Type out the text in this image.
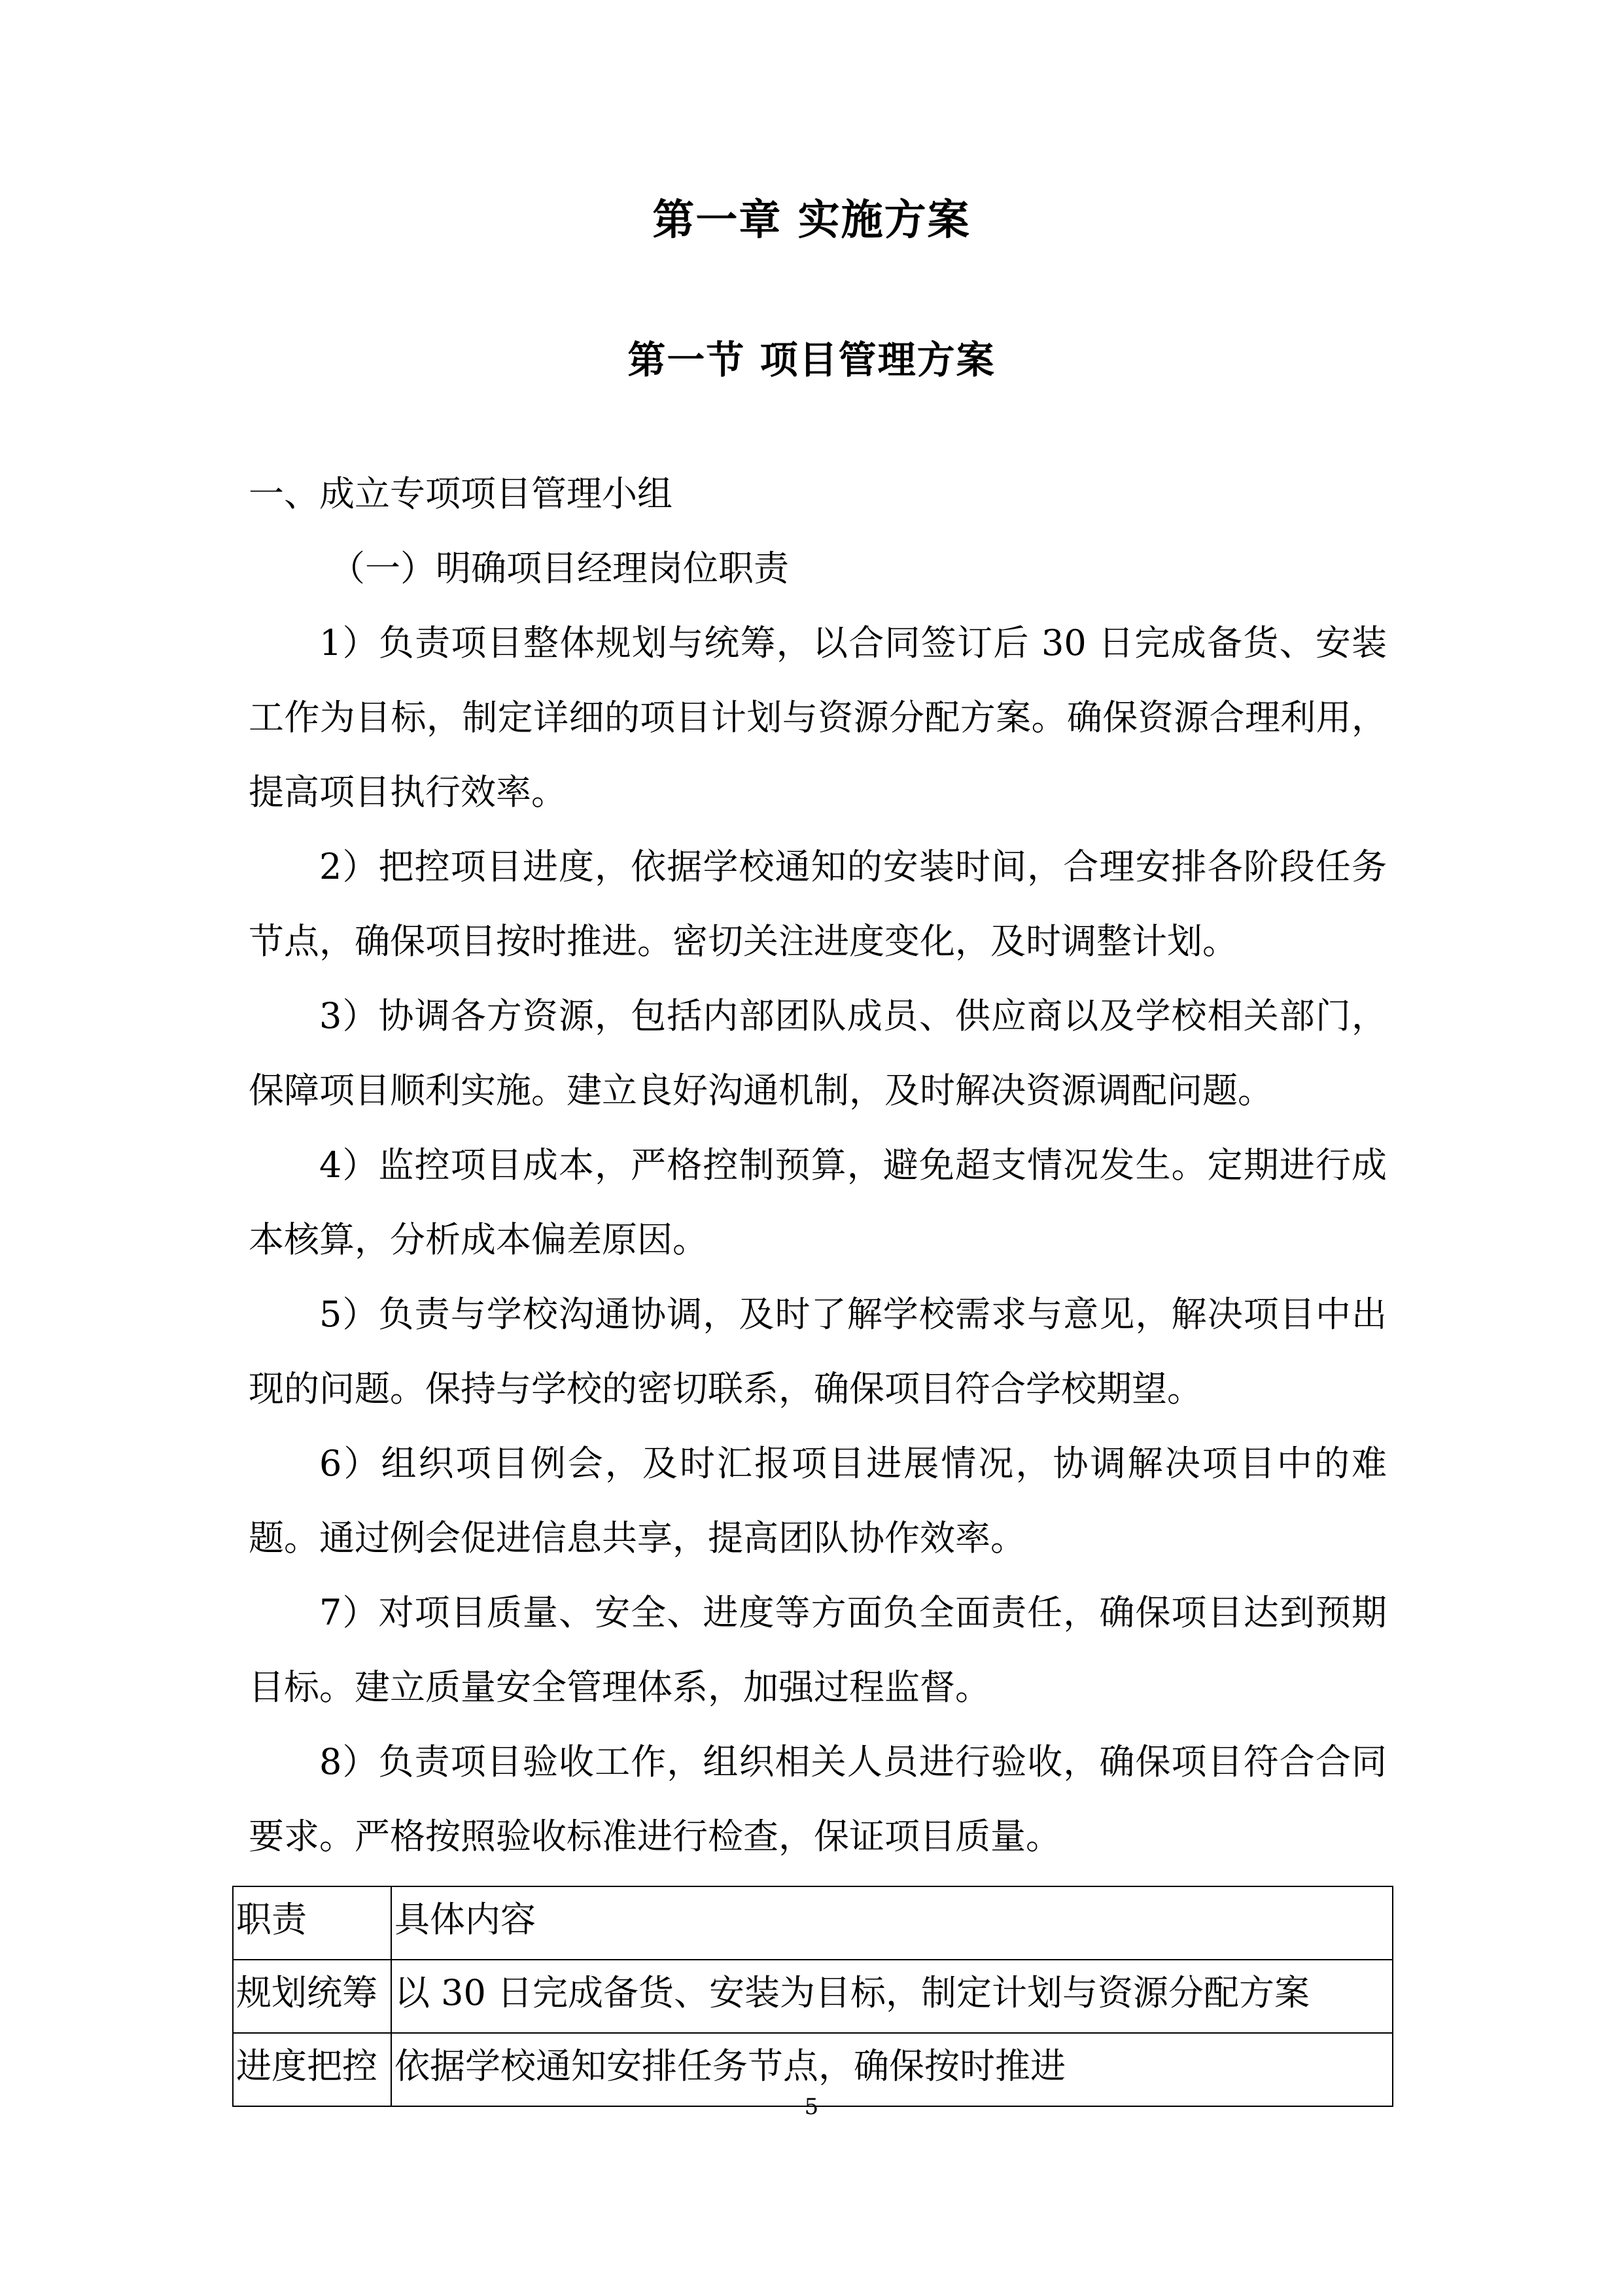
第一章 实施方案
第一节 项目管理方案

一、成立专项项目管理小组

（一）明确项目经理岗位职责

1）负责项目整体规划与统筹，以合同签订后 30 日完成备货、安装工作为目标，制定详细的项目计划与资源分配方案。确保资源合理利用，提高项目执行效率。

2）把控项目进度，依据学校通知的安装时间，合理安排各阶段任务节点，确保项目按时推进。密切关注进度变化，及时调整计划。

3）协调各方资源，包括内部团队成员、供应商以及学校相关部门，保障项目顺利实施。建立良好沟通机制，及时解决资源调配问题。

4）监控项目成本，严格控制预算，避免超支情况发生。定期进行成本核算，分析成本偏差原因。

5）负责与学校沟通协调，及时了解学校需求与意见，解决项目中出现的问题。保持与学校的密切联系，确保项目符合学校期望。

6）组织项目例会，及时汇报项目进展情况，协调解决项目中的难题。通过例会促进信息共享，提高团队协作效率。

7）对项目质量、安全、进度等方面负全面责任，确保项目达到预期目标。建立质量安全管理体系，加强过程监督。

8）负责项目验收工作，组织相关人员进行验收，确保项目符合合同要求。严格按照验收标准进行检查，保证项目质量。

职责	具体内容
规划统筹	以 30 日完成备货、安装为目标，制定计划与资源分配方案
进度把控	依据学校通知安排任务节点，确保按时推进
5
